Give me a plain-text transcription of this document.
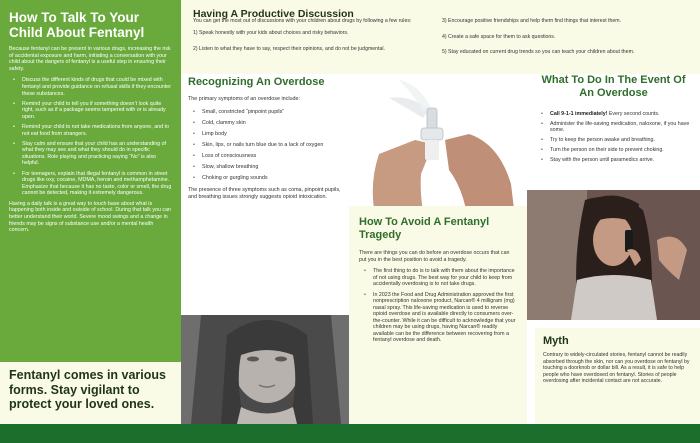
How To Talk To Your Child About Fentanyl

Because fentanyl can be present in various drugs, increasing the risk of accidental exposure and harm, initiating a conversation with your child about the dangers of fentanyl is a useful step in ensuring their safety.

• Discuss the different kinds of drugs that could be mixed with fentanyl and provide guidance on refusal skills if they encounter these substances.
• Remind your child to tell you if something doesn’t look quite right, such as if a package seems tampered with or is already open.
• Remind your child to not take medications from anyone, and to not eat food from strangers.
• Stay calm and ensure that your child has an understanding of what they may see and what they should do in specific situations. Role playing and practicing saying “No” is also helpful.
• For teenagers, explain that illegal fentanyl is common in street drugs like oxy, cocaine, MDMA, heroin and methamphetamine. Emphasize that because it has no taste, color or smell, the drug cannot be detected, making it extremely dangerous.

Having a daily talk is a great way to touch base about what is happening both inside and outside of school. During that talk you can better understand their world. Severe mood swings and a change in friends may be signs of substance use and/or a mental health concern.

Fentanyl comes in various forms. Stay vigilant to protect your loved ones.
Having A Productive Discussion
You can get the most out of discussions with your children about drugs by following a few rules:
1) Speak honestly with your kids about choices and risky behaviors.
2) Listen to what they have to say, respect their opinions, and do not be judgmental.
3) Encourage positive friendships and help them find things that interest them.
4) Create a safe space for them to ask questions.
5) Stay educated on current drug trends so you can teach your children about them.
Recognizing An Overdose

The primary symptoms of an overdose include:

• Small, constricted “pinpoint pupils”
• Cold, clammy skin
• Limp body
• Skin, lips, or nails turn blue due to a lack of oxygen
• Loss of consciousness
• Slow, shallow breathing
• Choking or gurgling sounds

The presence of three symptoms such as coma, pinpoint pupils, and breathing issues strongly suggests opioid intoxication.

What To Do In The Event Of An Overdose
• Call 9-1-1 immediately! Every second counts.
• Administer the life-saving medication, naloxone, if you have some.
• Try to keep the person awake and breathing.
• Turn the person on their side to prevent choking.
• Stay with the person until paramedics arrive.
How To Avoid A Fentanyl Tragedy

There are things you can do before an overdose occurs that can put you in the best position to avoid a tragedy.

• The first thing to do is to talk with them about the importance of not using drugs. The best way for your child to keep from accidentally overdosing is to not take drugs.
• In 2023 the Food and Drug Administration approved the first nonprescription naloxone product, Narcan® 4 milligram (mg) nasal spray. This life-saving medication is used to reverse opioid overdose and is available directly to consumers over-the-counter. While it can be difficult to acknowledge that your children may be using drugs, having Narcan® readily available can be the difference between recovering from a fentanyl overdose and death.	Myth

Contrary to widely-circulated stories, fentanyl cannot be readily absorbed through the skin, nor can you overdose on fentanyl by touching a doorknob or dollar bill. As a result, it is safe to help people who have overdosed on fentanyl. Stories of people overdosing after incidental contact are not accurate.
